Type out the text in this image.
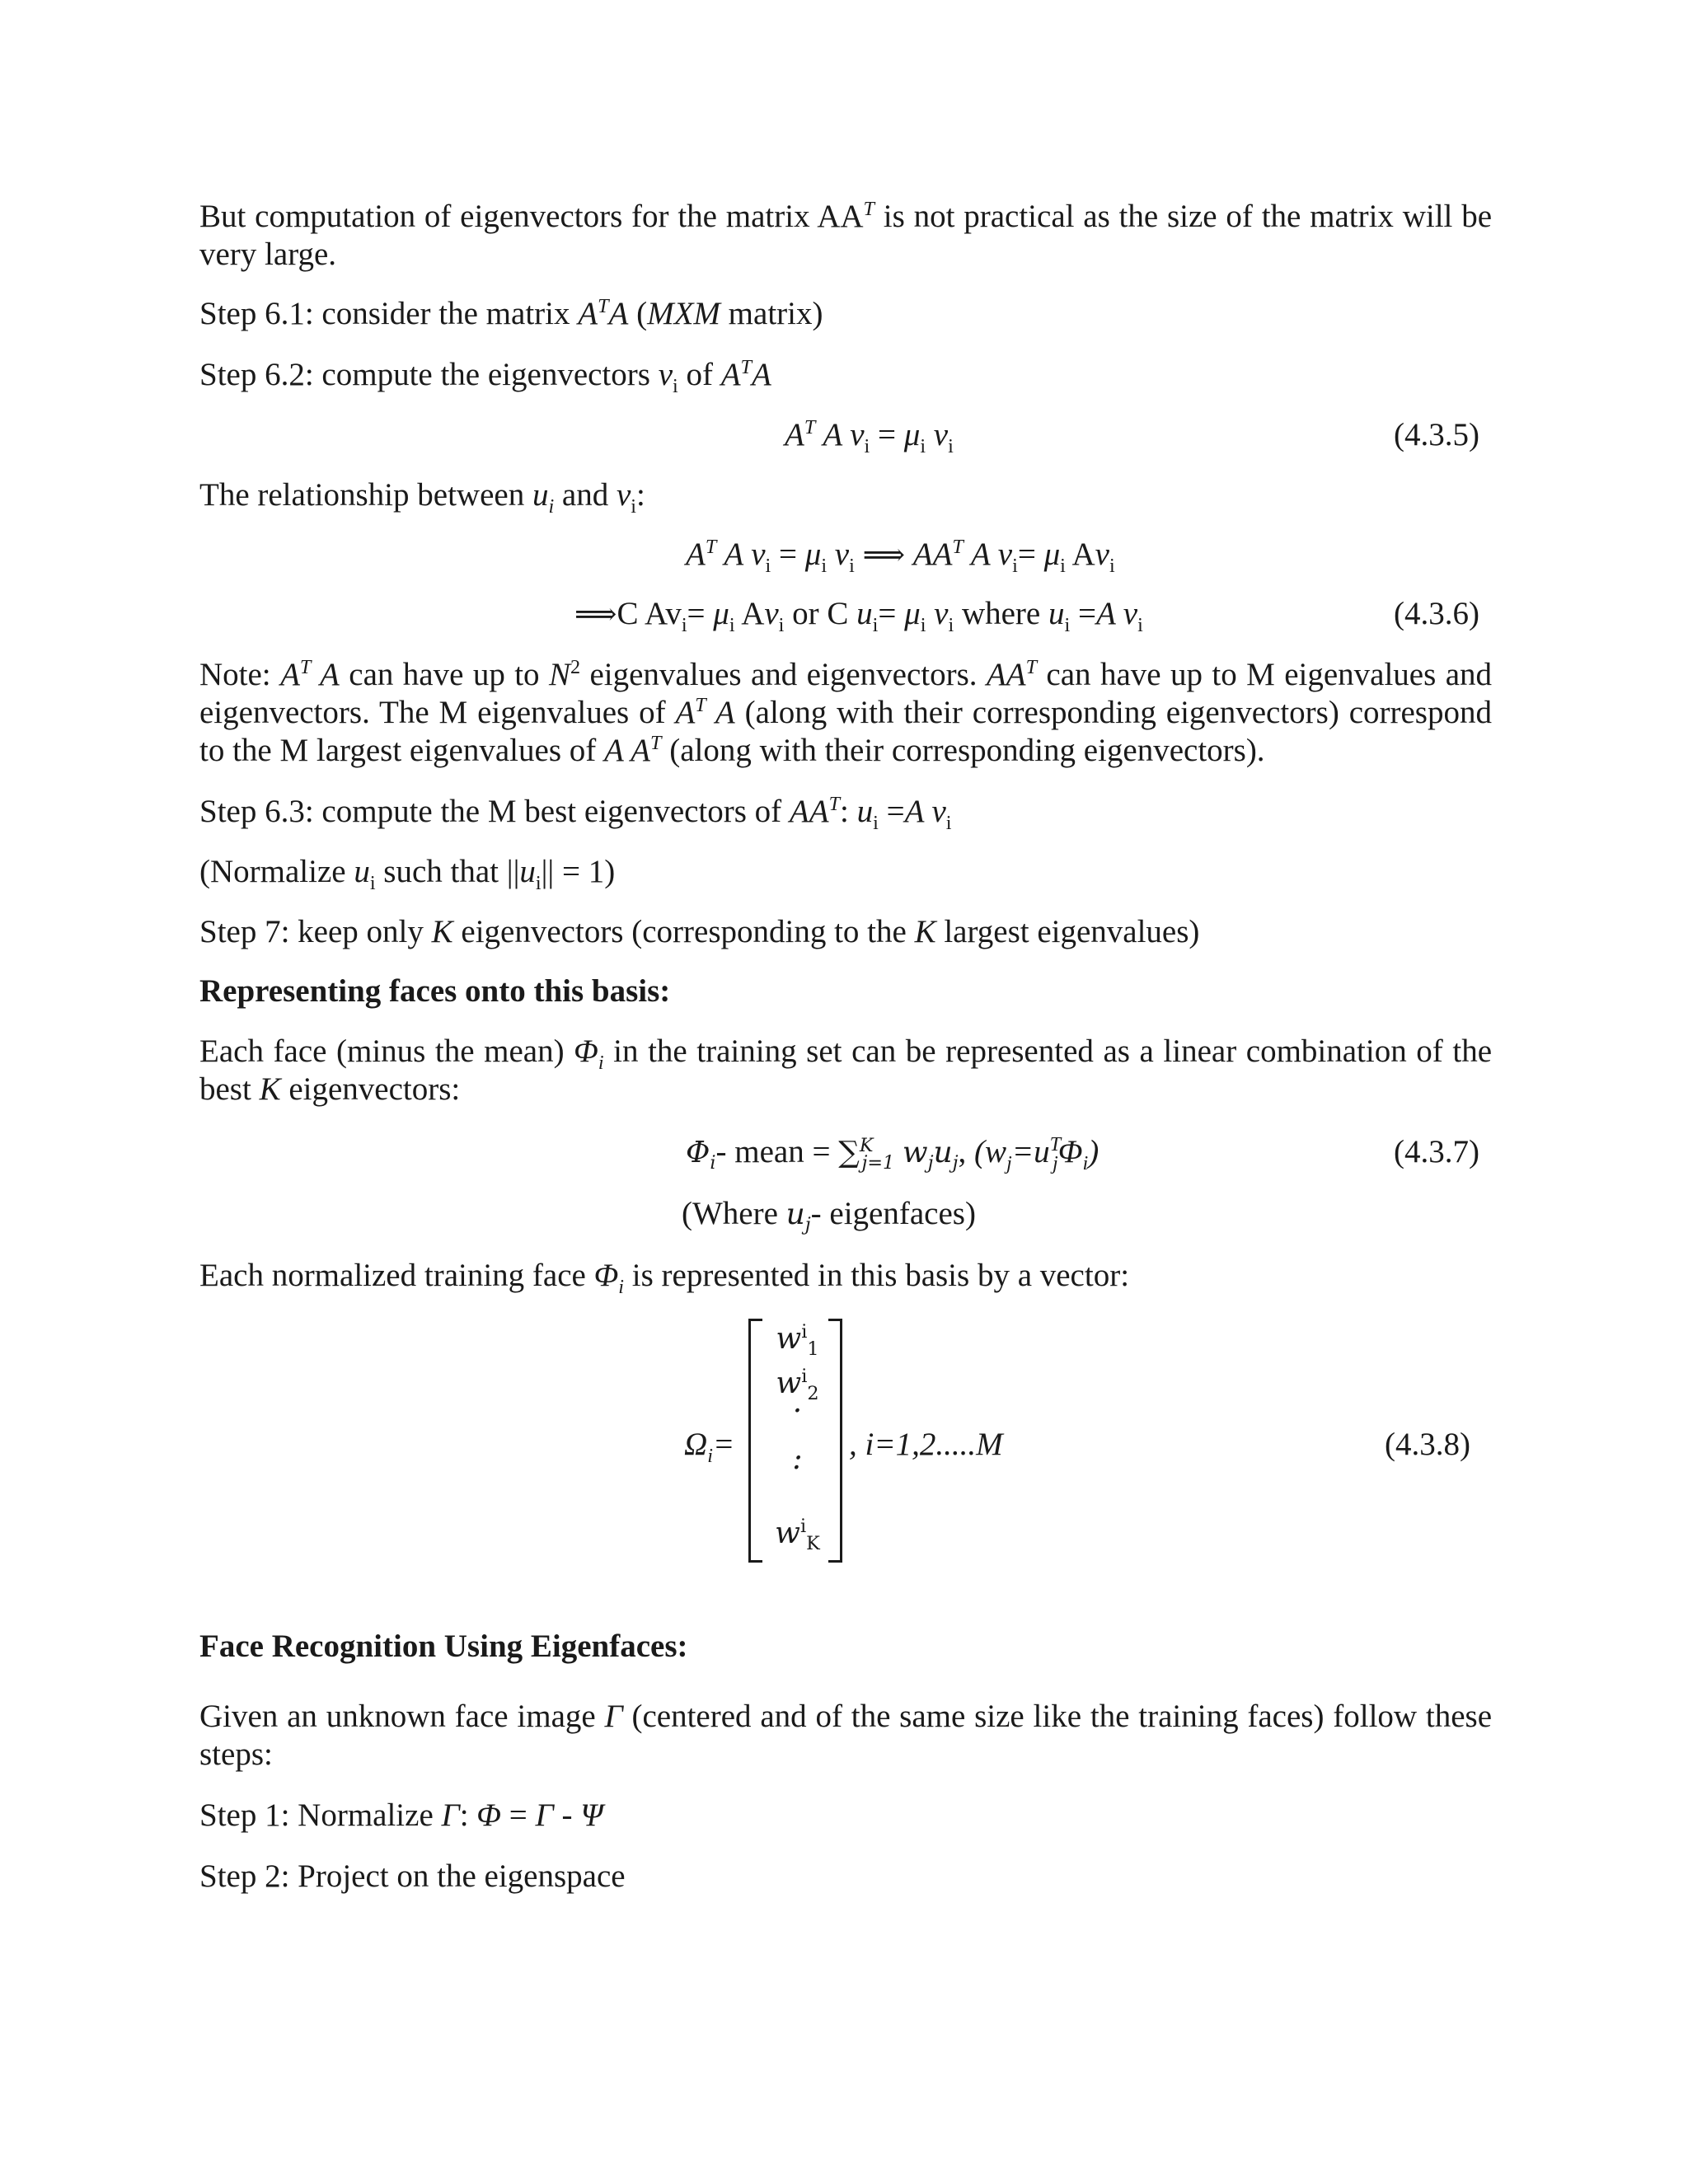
But computation of eigenvectors for the matrix $AA^T$ is not practical as the size of the matrix will be very large.

Step 6.1: consider the matrix $A^TA$ (MXM matrix)

Step 6.2: compute the eigenvectors $v_i$ of $A^TA$

$A^T$ A $v_i = \mu_i$ $v_i$	(4.3.5)

The relationship between $u_i$ and $v_i$:

$A^T$ A $v_i = \mu_i$ $v_i$ ⟹ $AA^T$ A $v_i= \mu_i$ $Av_i$
⟹C $Av_i= \mu_i$ $Av_i$ or C $u_i= \mu_i$ $v_i$ where $u_i =A$ $v_i$	(4.3.6)

Note: $A^T$ A can have up to $N^2$ eigenvalues and eigenvectors. $AA^T$ can have up to M eigenvalues and eigenvectors. The M eigenvalues of $A^T$ A (along with their corresponding eigenvectors) correspond to the M largest eigenvalues of A $A^T$ (along with their corresponding eigenvectors).

Step 6.3: compute the M best eigenvectors of $AA^T$: $u_i =A$ $v_i$

(Normalize $u_i$ such that $||u_i|| = 1$)

Step 7: keep only K eigenvectors (corresponding to the K largest eigenvalues)

Representing faces onto this basis:

Each face (minus the mean) $\Phi_i$ in the training set can be represented as a linear combination of the best K eigenvectors:

$\Phi_i-$ mean = ∑$^K_{j=1}$ $w_ju_j$, $(w_j=u^T_j\Phi_i)$	(4.3.7)
(Where $u_j-$ eigenfaces)

Each normalized training face $\Phi_i$ is represented in this basis by a vector:

$\Omega_i=$
$w^i_1$
$w^i_2$
·
:
$w^i_K$
, i=1,2.....M	(4.3.8)

Face Recognition Using Eigenfaces:

Given an unknown face image Γ (centered and of the same size like the training faces) follow these steps:

Step 1: Normalize Γ: Φ = Γ - Ψ

Step 2: Project on the eigenspace
